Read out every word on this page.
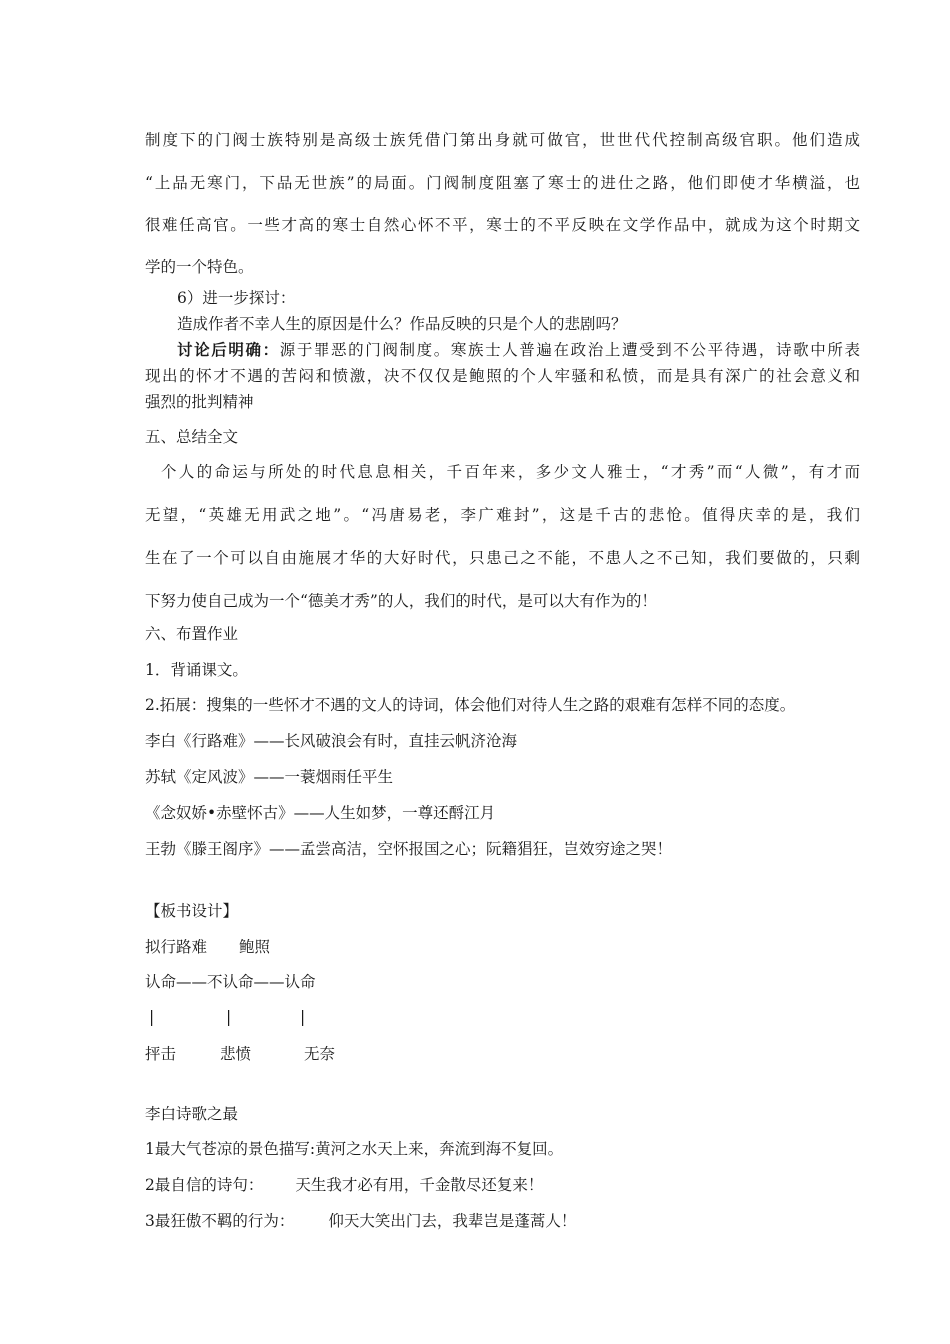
制度下的门阀士族特别是高级士族凭借门第出身就可做官，世世代代控制高级官职。他们造成
“上品无寒门，下品无世族”的局面。门阀制度阻塞了寒士的进仕之路，他们即使才华横溢，也
很难任高官。一些才高的寒士自然心怀不平，寒士的不平反映在文学作品中，就成为这个时期文
学的一个特色。
6）进一步探讨：
造成作者不幸人生的原因是什么？作品反映的只是个人的悲剧吗？
讨论后明确：源于罪恶的门阀制度。寒族士人普遍在政治上遭受到不公平待遇，诗歌中所表
现出的怀才不遇的苦闷和愤激，决不仅仅是鲍照的个人牢骚和私愤，而是具有深广的社会意义和
强烈的批判精神
五、总结全文
个人的命运与所处的时代息息相关，千百年来，多少文人雅士，“才秀”而“人微”，有才而
无望，“英雄无用武之地”。“冯唐易老，李广难封”，这是千古的悲怆。值得庆幸的是，我们
生在了一个可以自由施展才华的大好时代，只患己之不能，不患人之不己知，我们要做的，只剩
下努力使自己成为一个“德美才秀”的人，我们的时代，是可以大有作为的！
六、布置作业
1．背诵课文。
2.拓展：搜集的一些怀才不遇的文人的诗词，体会他们对待人生之路的艰难有怎样不同的态度。
李白《行路难》——长风破浪会有时，直挂云帆济沧海
苏轼《定风波》——一蓑烟雨任平生
《念奴娇•赤壁怀古》——人生如梦，一尊还酹江月
王勃《滕王阁序》——孟尝高洁，空怀报国之心；阮籍猖狂，岂效穷途之哭！
【板书设计】
拟行路难 鲍照
认命——不认命——认命
|	|	|
抨击	悲愤	无奈
李白诗歌之最
1最大气苍凉的景色描写:黄河之水天上来，奔流到海不复回。
2最自信的诗句： 天生我才必有用，千金散尽还复来！
3最狂傲不羁的行为： 仰天大笑出门去，我辈岂是蓬蒿人！
